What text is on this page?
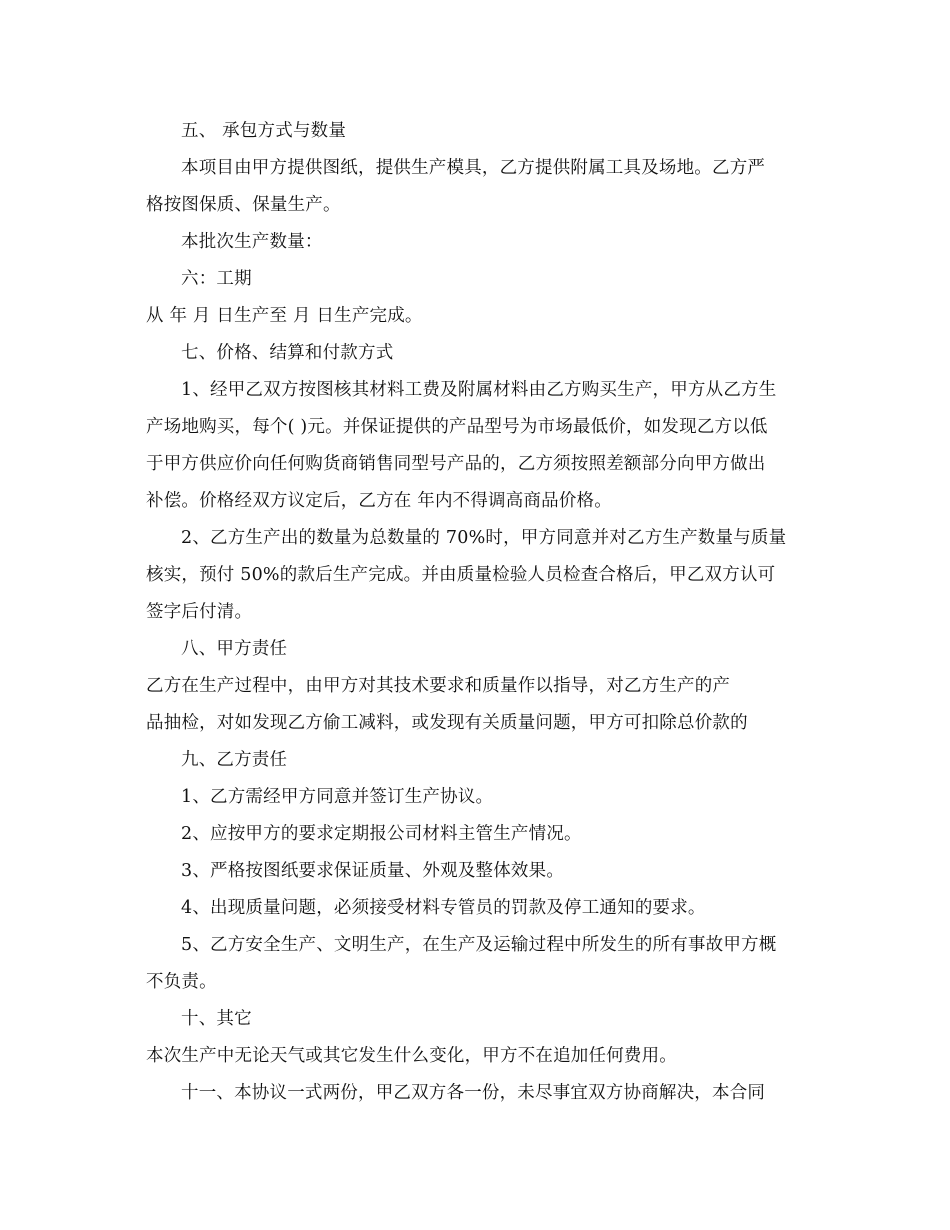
五、 承包方式与数量
本项目由甲方提供图纸，提供生产模具，乙方提供附属工具及场地。乙方严
格按图保质、保量生产。
本批次生产数量：
六：工期
从 年 月 日生产至 月 日生产完成。
七、价格、结算和付款方式
1、经甲乙双方按图核其材料工费及附属材料由乙方购买生产，甲方从乙方生
产场地购买，每个( )元。并保证提供的产品型号为市场最低价，如发现乙方以低
于甲方供应价向任何购货商销售同型号产品的，乙方须按照差额部分向甲方做出
补偿。价格经双方议定后，乙方在 年内不得调高商品价格。
2、乙方生产出的数量为总数量的 70%时，甲方同意并对乙方生产数量与质量
核实，预付 50%的款后生产完成。并由质量检验人员检查合格后，甲乙双方认可
签字后付清。
八、甲方责任
乙方在生产过程中，由甲方对其技术要求和质量作以指导，对乙方生产的产
品抽检，对如发现乙方偷工减料，或发现有关质量问题，甲方可扣除总价款的
九、乙方责任
1、乙方需经甲方同意并签订生产协议。
2、应按甲方的要求定期报公司材料主管生产情况。
3、严格按图纸要求保证质量、外观及整体效果。
4、出现质量问题，必须接受材料专管员的罚款及停工通知的要求。
5、乙方安全生产、文明生产，在生产及运输过程中所发生的所有事故甲方概
不负责。
十、其它
本次生产中无论天气或其它发生什么变化，甲方不在追加任何费用。
十一、本协议一式两份，甲乙双方各一份，未尽事宜双方协商解决，本合同
